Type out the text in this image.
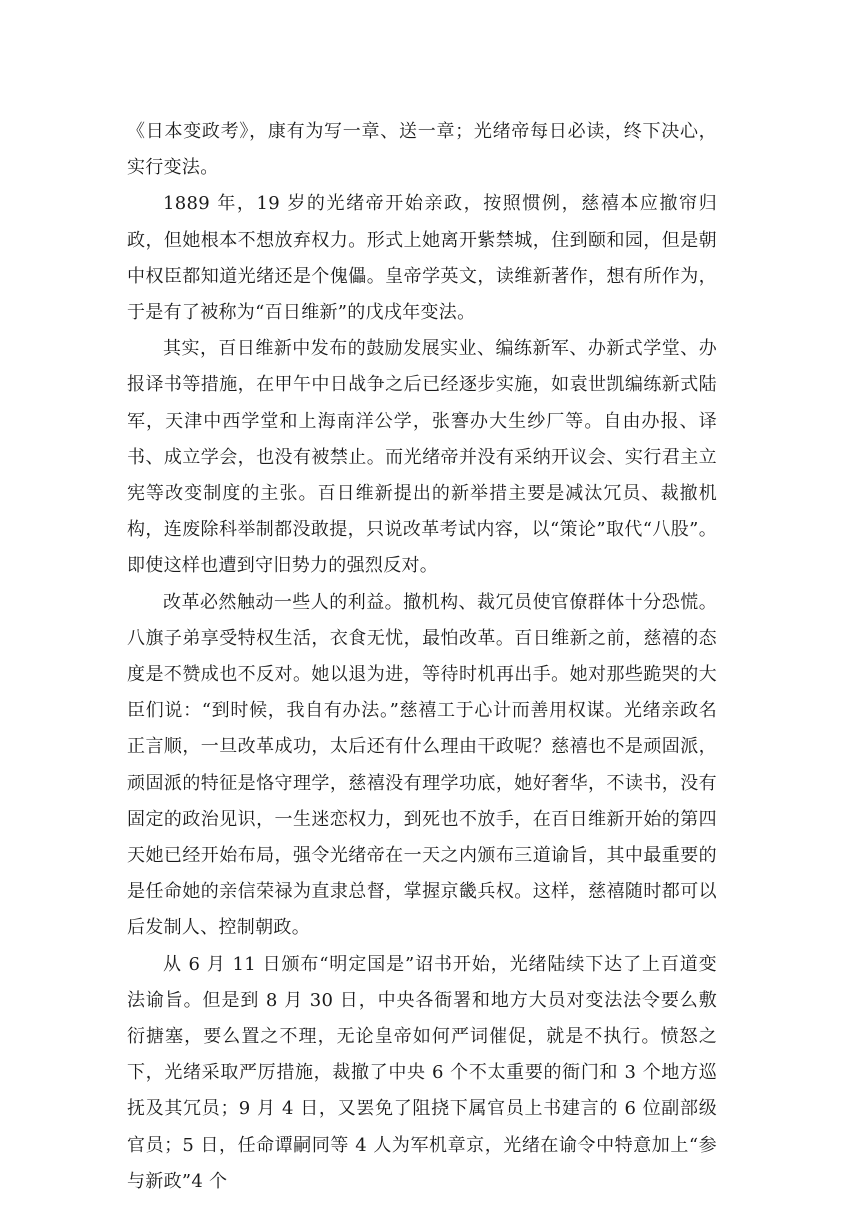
《日本变政考》，康有为写一章、送一章；光绪帝每日必读，终下决心，实行变法。

1889 年，19 岁的光绪帝开始亲政，按照惯例，慈禧本应撤帘归政，但她根本不想放弃权力。形式上她离开紫禁城，住到颐和园，但是朝中权臣都知道光绪还是个傀儡。皇帝学英文，读维新著作，想有所作为，于是有了被称为“百日维新”的戊戌年变法。

其实，百日维新中发布的鼓励发展实业、编练新军、办新式学堂、办报译书等措施，在甲午中日战争之后已经逐步实施，如袁世凯编练新式陆军，天津中西学堂和上海南洋公学，张謇办大生纱厂等。自由办报、译书、成立学会，也没有被禁止。而光绪帝并没有采纳开议会、实行君主立宪等改变制度的主张。百日维新提出的新举措主要是减汰冗员、裁撤机构，连废除科举制都没敢提，只说改革考试内容，以“策论”取代“八股”。即使这样也遭到守旧势力的强烈反对。

改革必然触动一些人的利益。撤机构、裁冗员使官僚群体十分恐慌。八旗子弟享受特权生活，衣食无忧，最怕改革。百日维新之前，慈禧的态度是不赞成也不反对。她以退为进，等待时机再出手。她对那些跪哭的大臣们说：“到时候，我自有办法。”慈禧工于心计而善用权谋。光绪亲政名正言顺，一旦改革成功，太后还有什么理由干政呢？慈禧也不是顽固派，顽固派的特征是恪守理学，慈禧没有理学功底，她好奢华，不读书，没有固定的政治见识，一生迷恋权力，到死也不放手，在百日维新开始的第四天她已经开始布局，强令光绪帝在一天之内颁布三道谕旨，其中最重要的是任命她的亲信荣禄为直隶总督，掌握京畿兵权。这样，慈禧随时都可以后发制人、控制朝政。

从 6 月 11 日颁布“明定国是”诏书开始，光绪陆续下达了上百道变法谕旨。但是到 8 月 30 日，中央各衙署和地方大员对变法法令要么敷衍搪塞，要么置之不理，无论皇帝如何严词催促，就是不执行。愤怒之下，光绪采取严厉措施，裁撤了中央 6 个不太重要的衙门和 3 个地方巡抚及其冗员；9 月 4 日，又罢免了阻挠下属官员上书建言的 6 位副部级官员；5 日，任命谭嗣同等 4 人为军机章京，光绪在谕令中特意加上“参与新政”4 个
